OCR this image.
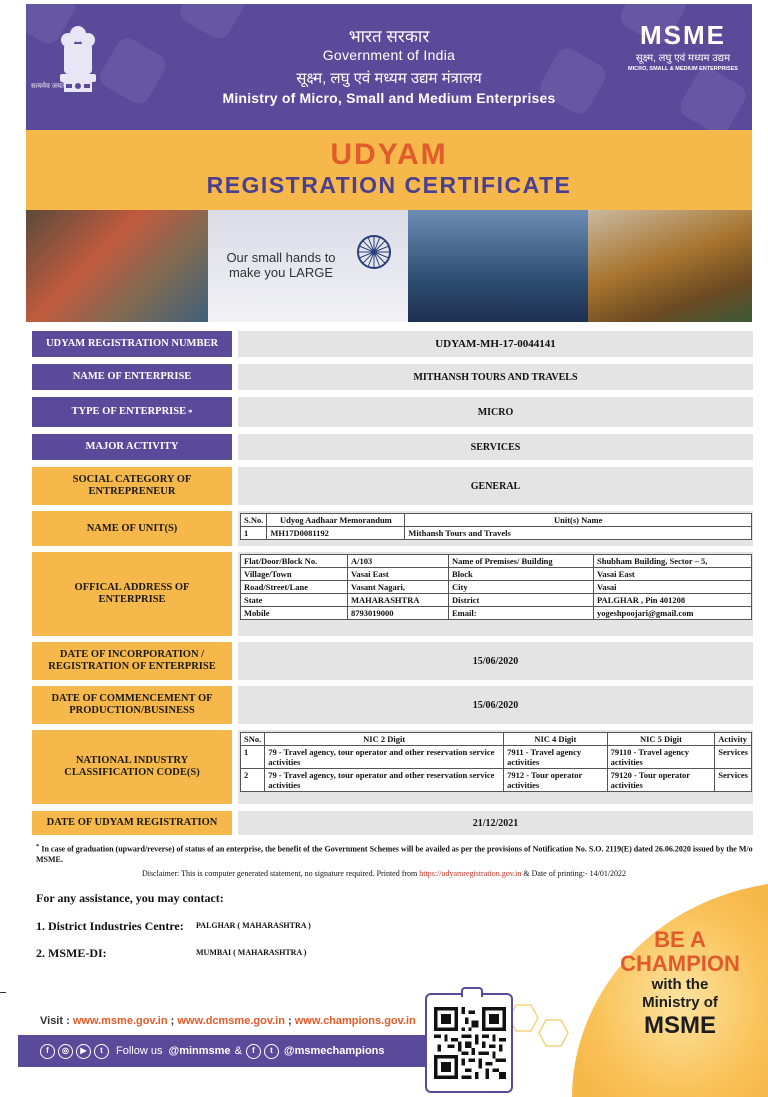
सत्यमेव जयते
भारत सरकार
Government of India
सूक्ष्म, लघु एवं मध्यम उद्यम मंत्रालय
Ministry of Micro, Small and Medium Enterprises
MSME
सूक्ष्म, लघु एवं मध्यम उद्यम
MICRO, SMALL & MEDIUM ENTERPRISES
UDYAM
REGISTRATION CERTIFICATE
Our small hands to
make you LARGE
UDYAM REGISTRATION NUMBER	UDYAM-MH-17-0044141
NAME OF ENTERPRISE	MITHANSH TOURS AND TRAVELS
TYPE OF ENTERPRISE *	MICRO
MAJOR ACTIVITY	SERVICES
SOCIAL CATEGORY OF ENTREPRENEUR	GENERAL
NAME OF UNIT(S)
S.No.	Udyog Aadhaar Memorandum	Unit(s) Name
1	MH17D0081192	Mithansh Tours and Travels
OFFICAL ADDRESS OF ENTERPRISE
Flat/Door/Block No.	A/103	Name of Premises/ Building	Shubham Building, Sector – 5,
Village/Town	Vasai East	Block	Vasai East
Road/Street/Lane	Vasant Nagari,	City	Vasai
State	MAHARASHTRA	District	PALGHAR , Pin 401208
Mobile	8793019000	Email:	yogeshpoojari@gmail.com
DATE OF INCORPORATION / REGISTRATION OF ENTERPRISE	15/06/2020
DATE OF COMMENCEMENT OF PRODUCTION/BUSINESS	15/06/2020
NATIONAL INDUSTRY CLASSIFICATION CODE(S)
SNo.	NIC 2 Digit	NIC 4 Digit	NIC 5 Digit	Activity
1	79 - Travel agency, tour operator and other reservation service activities	7911 - Travel agency activities	79110 - Travel agency activities	Services
2	79 - Travel agency, tour operator and other reservation service activities	7912 - Tour operator activities	79120 - Tour operator activities	Services
DATE OF UDYAM REGISTRATION	21/12/2021
* In case of graduation (upward/reverse) of status of an enterprise, the benefit of the Government Schemes will be availed as per the provisions of Notification No. S.O. 2119(E) dated 26.06.2020 issued by the M/o MSME.
Disclaimer: This is computer generated statement, no signature required. Printed from https://udyamregistration.gov.in & Date of printing:- 14/01/2022
For any assistance, you may contact:
1. District Industries Centre: PALGHAR ( MAHARASHTRA )
2. MSME-DI:	MUMBAI ( MAHARASHTRA )
BE A
CHAMPION
with the
Ministry of
MSME
Visit : www.msme.gov.in ; www.dcmsme.gov.in ; www.champions.gov.in
f	◎	▶	t	Follow us @minmsme &	f	t	@msmechampions
